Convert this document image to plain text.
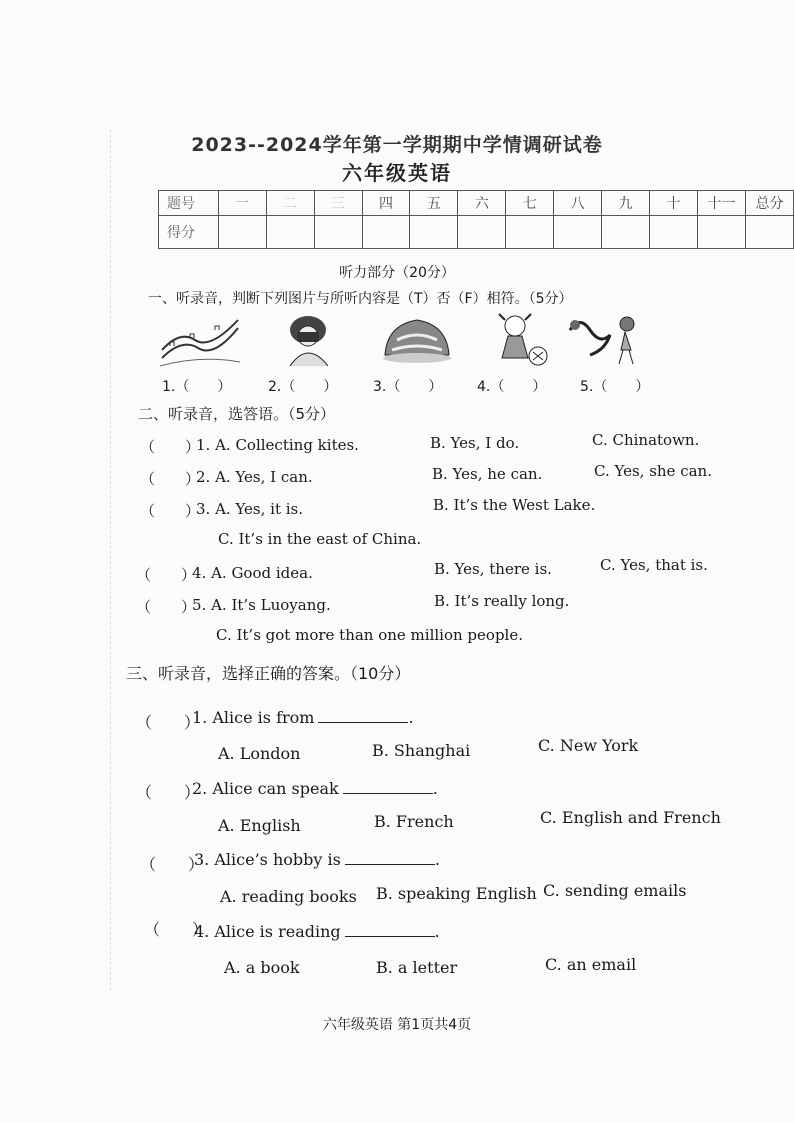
2023--2024学年第一学期期中学情调研试卷
六年级英语
题号	一	二	三	四	五	六	七	八	九	十	十一	总分
得分												
听力部分（20分）
一、听录音，判断下列图片与所听内容是（T）否（F）相符。（5分）
1.（　　）	2.（　　）	3.（　　） 4.（　　） 5.（　　）
二、听录音，选答语。（5分）
（　　）
1. A. Collecting kites.	B. Yes, I do.	C. Chinatown.
（　　）
2. A. Yes, I can.	B. Yes, he can.	C. Yes, she can.
（　　）
3. A. Yes, it is.	B. It’s the West Lake.
C. It’s in the east of China.
（　　）
4. A. Good idea.	B. Yes, there is.	C. Yes, that is.
（　　）
5. A. It’s Luoyang.	B. It’s really long.
C. It’s got more than one million people.
三、听录音，选择正确的答案。（10分）
（　　）
1. Alice is from	.
A. London	B. Shanghai	C. New York
（　　）
2. Alice can speak	.
A. English	B. French	C. English and French
（　　）
3. Alice’s hobby is	.
A. reading books B. speaking English C. sending emails
（　　）
4. Alice is reading	.
A. a book	B. a letter	C. an email
六年级英语 第1页共4页
